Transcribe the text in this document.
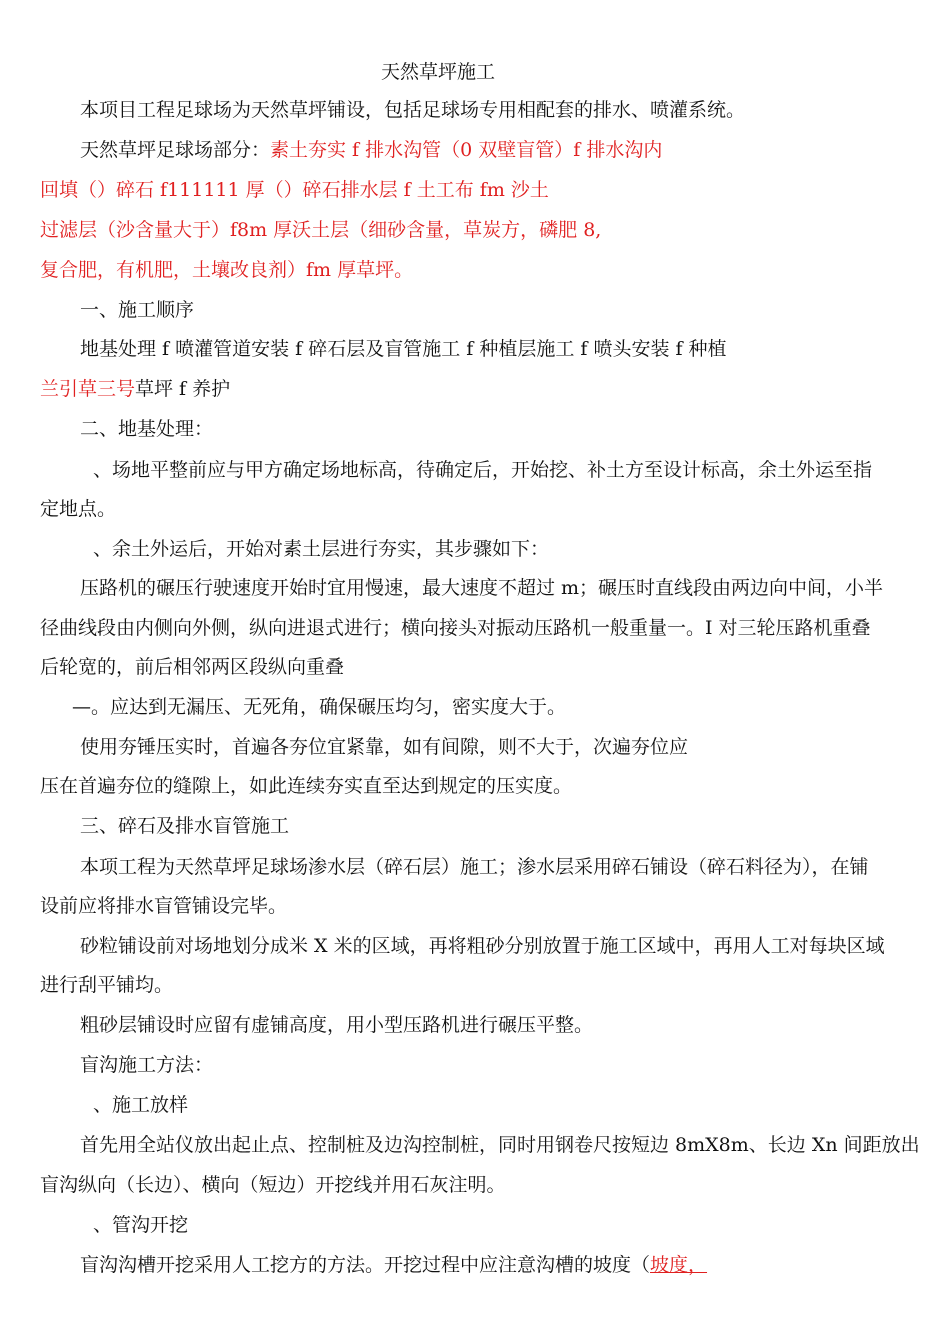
天然草坪施工
本项目工程足球场为天然草坪铺设，包括足球场专用相配套的排水、喷灌系统。
天然草坪足球场部分：素土夯实 f 排水沟管（0 双壁盲管）f 排水沟内
回填（）碎石 f111111 厚（）碎石排水层 f 土工布 fm 沙土
过滤层（沙含量大于）f8m 厚沃土层（细砂含量，草炭方，磷肥 8,
复合肥，有机肥，土壤改良剂）fm 厚草坪。
一、施工顺序
地基处理 f 喷灌管道安装 f 碎石层及盲管施工 f 种植层施工 f 喷头安装 f 种植
兰引草三号草坪 f 养护
二、地基处理：
、场地平整前应与甲方确定场地标高，待确定后，开始挖、补土方至设计标高，余土外运至指
定地点。
、余土外运后，开始对素土层进行夯实，其步骤如下：
压路机的碾压行驶速度开始时宜用慢速，最大速度不超过 m；碾压时直线段由两边向中间，小半
径曲线段由内侧向外侧，纵向进退式进行；横向接头对振动压路机一般重量一。I 对三轮压路机重叠
后轮宽的，前后相邻两区段纵向重叠
—。应达到无漏压、无死角，确保碾压均匀，密实度大于。
使用夯锤压实时，首遍各夯位宜紧靠，如有间隙，则不大于，次遍夯位应
压在首遍夯位的缝隙上，如此连续夯实直至达到规定的压实度。
三、碎石及排水盲管施工
本项工程为天然草坪足球场渗水层（碎石层）施工；渗水层采用碎石铺设（碎石料径为），在铺
设前应将排水盲管铺设完毕。
砂粒铺设前对场地划分成米 X 米的区域，再将粗砂分别放置于施工区域中，再用人工对每块区域
进行刮平铺均。
粗砂层铺设时应留有虚铺高度，用小型压路机进行碾压平整。
盲沟施工方法：
、施工放样
首先用全站仪放出起止点、控制桩及边沟控制桩，同时用钢卷尺按短边 8mX8m、长边 Xn 间距放出
盲沟纵向（长边）、横向（短边）开挖线并用石灰注明。
、管沟开挖
盲沟沟槽开挖采用人工挖方的方法。开挖过程中应注意沟槽的坡度（坡度，
